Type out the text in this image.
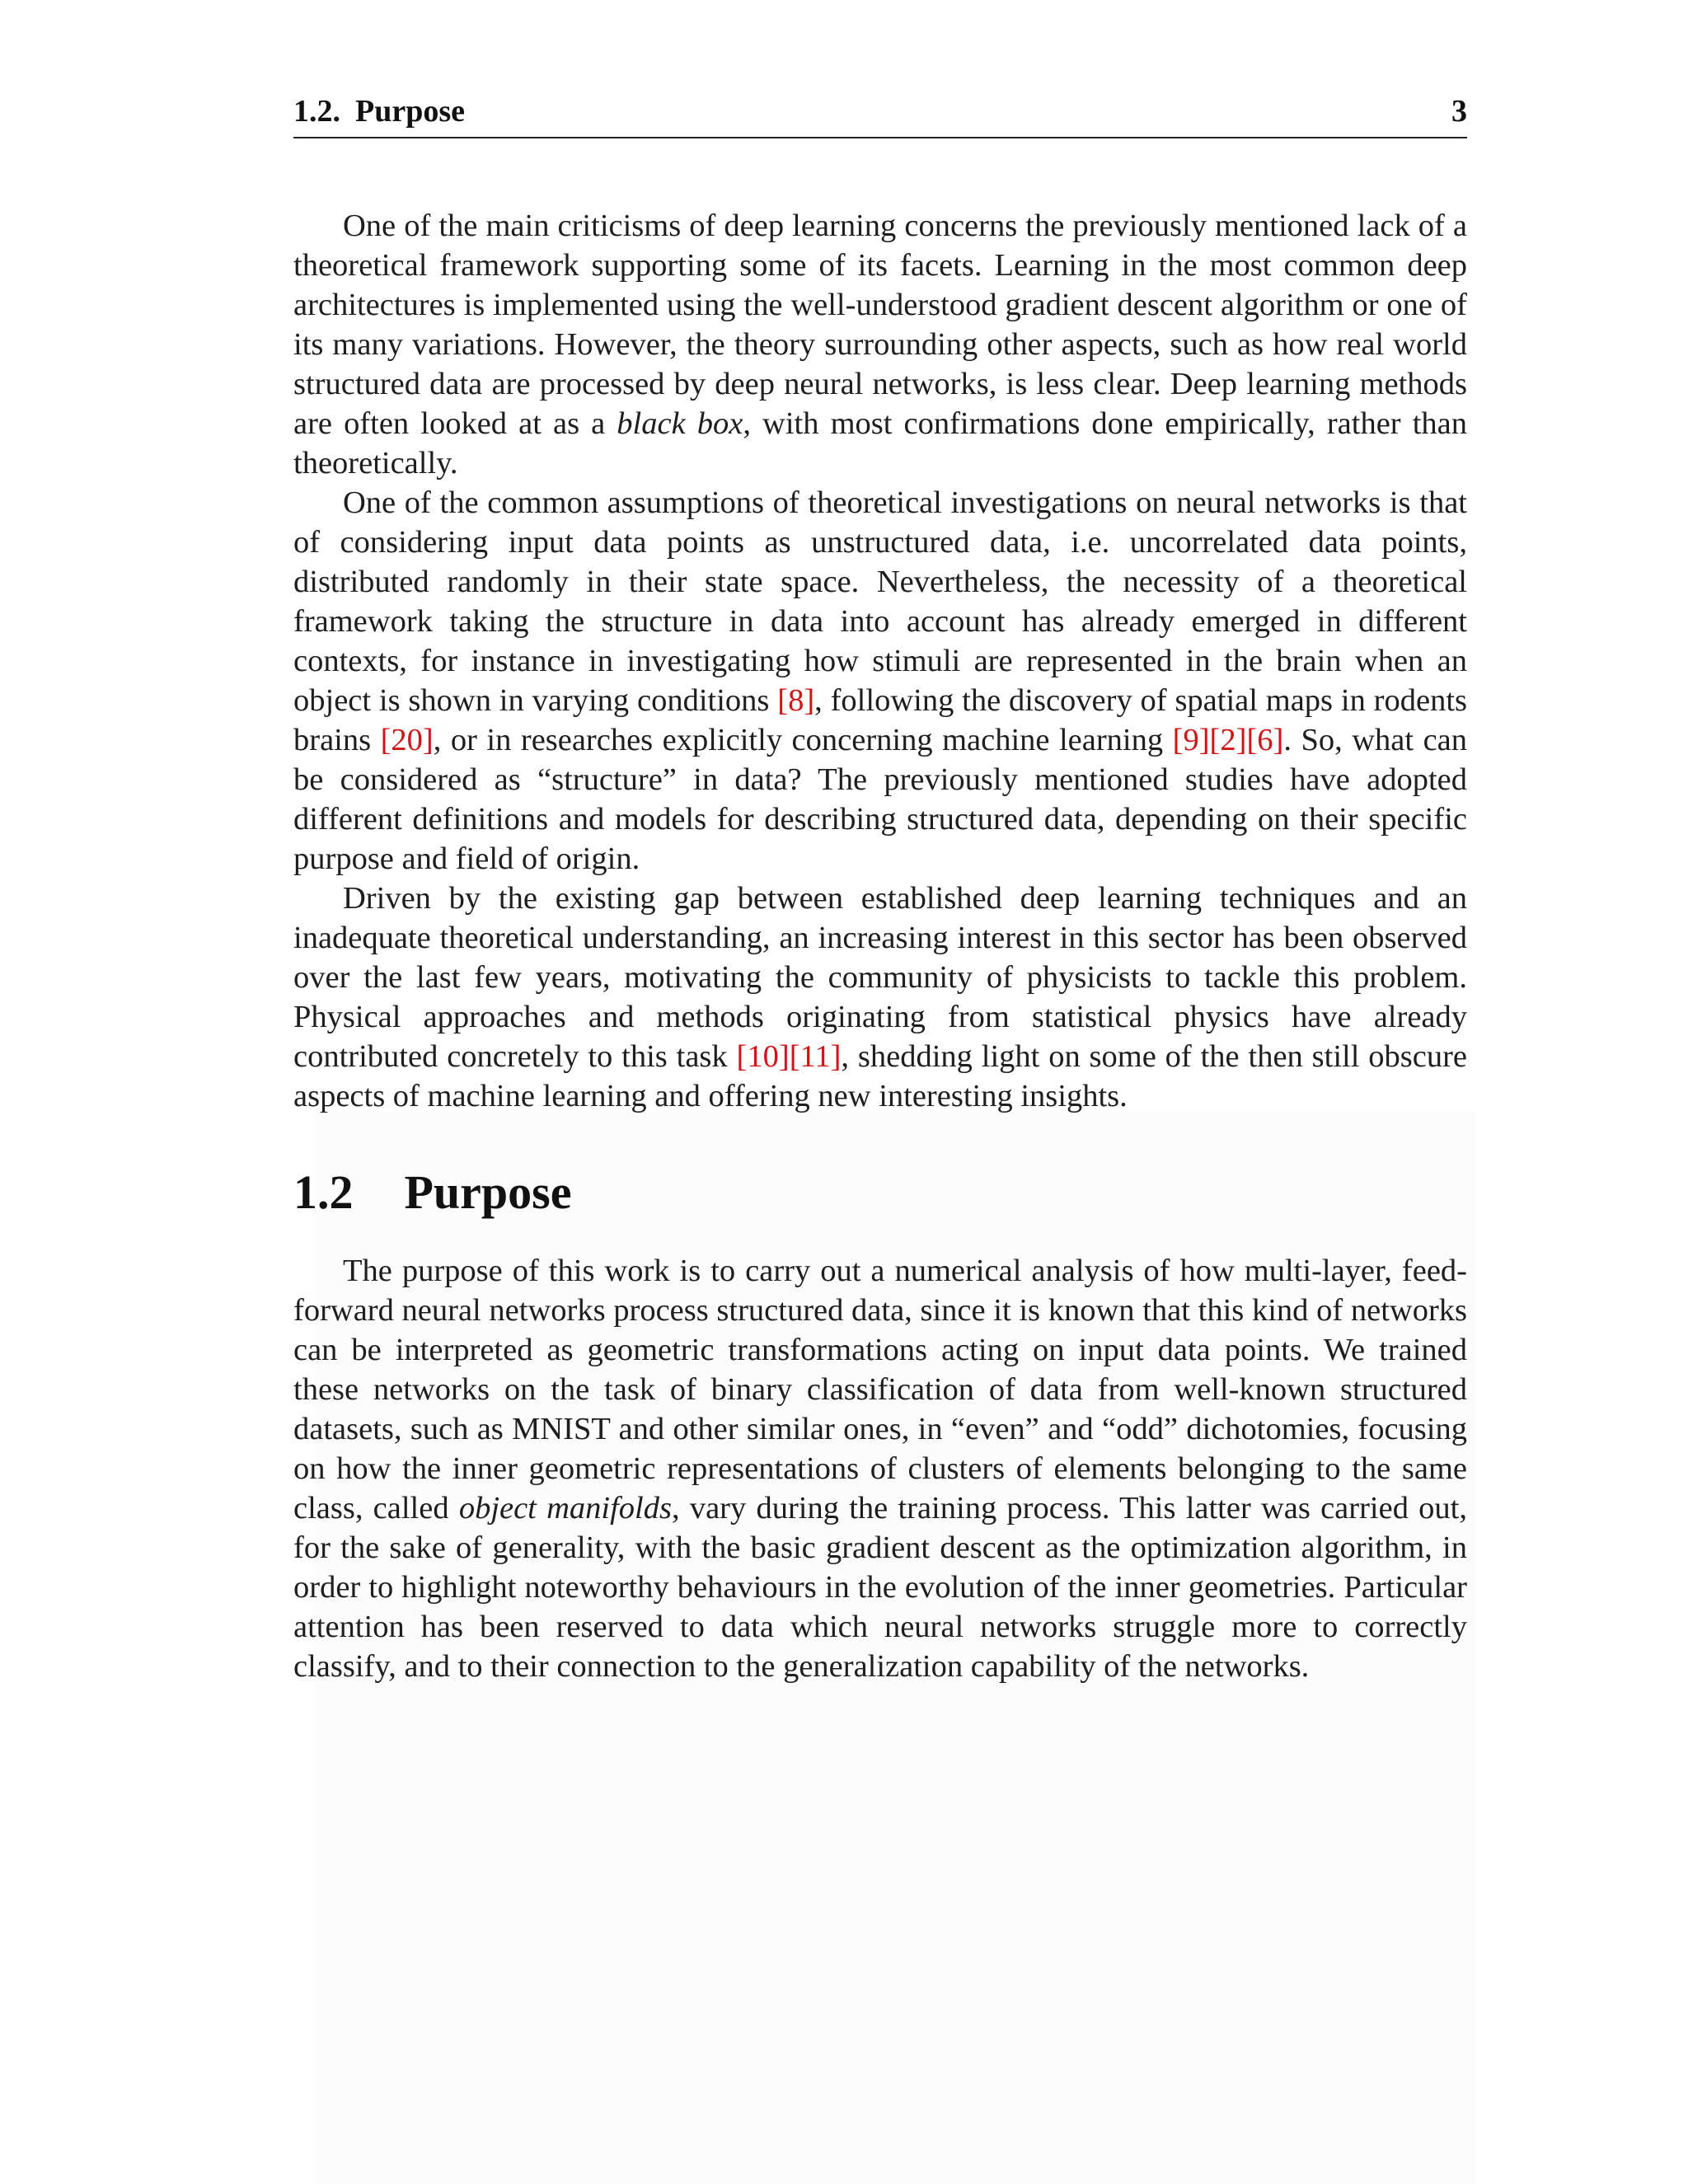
1.2. Purpose	3

One of the main criticisms of deep learning concerns the previously mentioned lack of a theoretical framework supporting some of its facets. Learning in the most common deep architectures is implemented using the well-understood gradient descent algorithm or one of its many variations. However, the theory surrounding other aspects, such as how real world structured data are processed by deep neural networks, is less clear. Deep learning methods are often looked at as a black box, with most confirmations done empirically, rather than theoretically.

One of the common assumptions of theoretical investigations on neural networks is that of considering input data points as unstructured data, i.e. uncorrelated data points, distributed randomly in their state space. Nevertheless, the necessity of a theoretical framework taking the structure in data into account has already emerged in different contexts, for instance in investigating how stimuli are represented in the brain when an object is shown in varying conditions [8], following the discovery of spatial maps in rodents brains [20], or in researches explicitly concerning machine learning [9][2][6]. So, what can be considered as “structure” in data? The previously mentioned studies have adopted different definitions and models for describing structured data, depending on their specific purpose and field of origin.

Driven by the existing gap between established deep learning techniques and an inadequate theoretical understanding, an increasing interest in this sector has been observed over the last few years, motivating the community of physicists to tackle this problem. Physical approaches and methods originating from statistical physics have already contributed concretely to this task [10][11], shedding light on some of the then still obscure aspects of machine learning and offering new interesting insights.

1.2 Purpose

The purpose of this work is to carry out a numerical analysis of how multi-layer, feed-forward neural networks process structured data, since it is known that this kind of networks can be interpreted as geometric transformations acting on input data points. We trained these networks on the task of binary classification of data from well-known structured datasets, such as MNIST and other similar ones, in “even” and “odd” dichotomies, focusing on how the inner geometric representations of clusters of elements belonging to the same class, called object manifolds, vary during the training process. This latter was carried out, for the sake of generality, with the basic gradient descent as the optimization algorithm, in order to highlight noteworthy behaviours in the evolution of the inner geometries. Particular attention has been reserved to data which neural networks struggle more to correctly classify, and to their connection to the generalization capability of the networks.
